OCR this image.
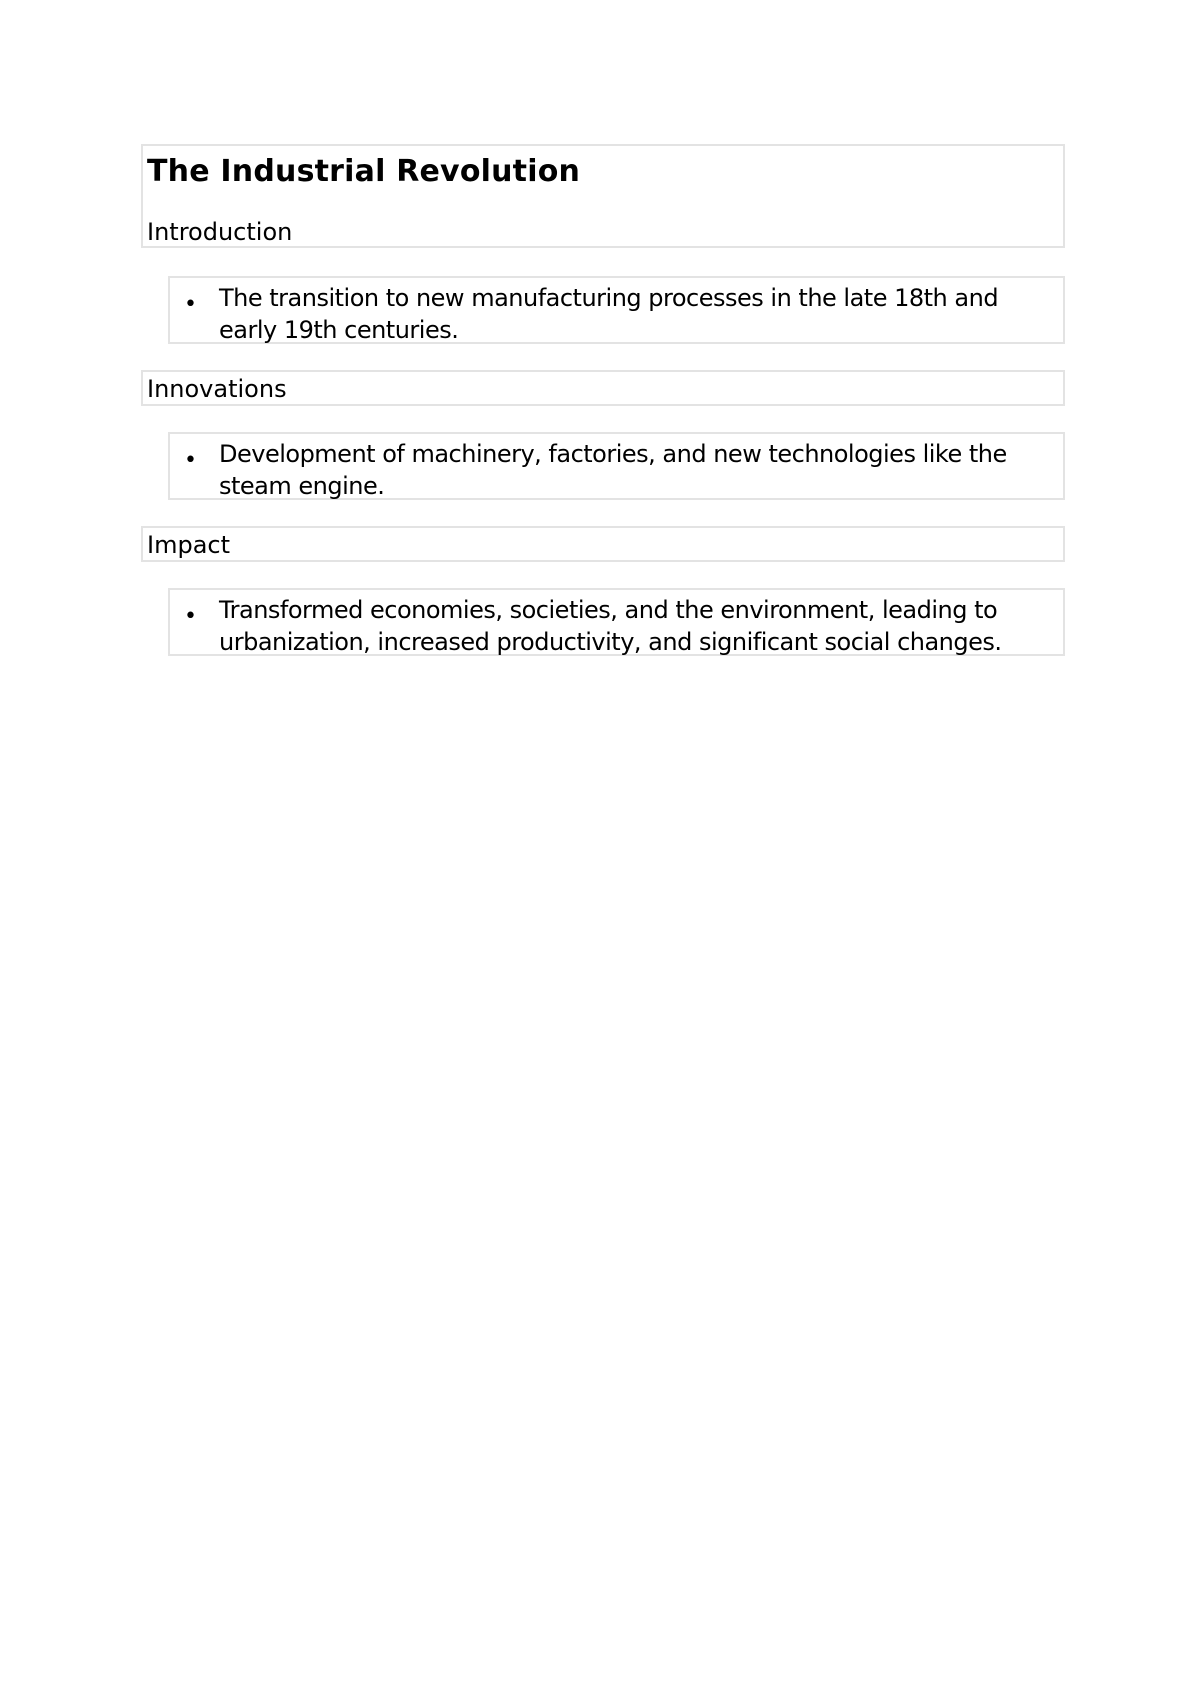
The Industrial Revolution
Introduction
• The transition to new manufacturing processes in the late 18th and early 19th centuries.
Innovations
• Development of machinery, factories, and new technologies like the steam engine.
Impact
• Transformed economies, societies, and the environment, leading to urbanization, increased productivity, and significant social changes.
